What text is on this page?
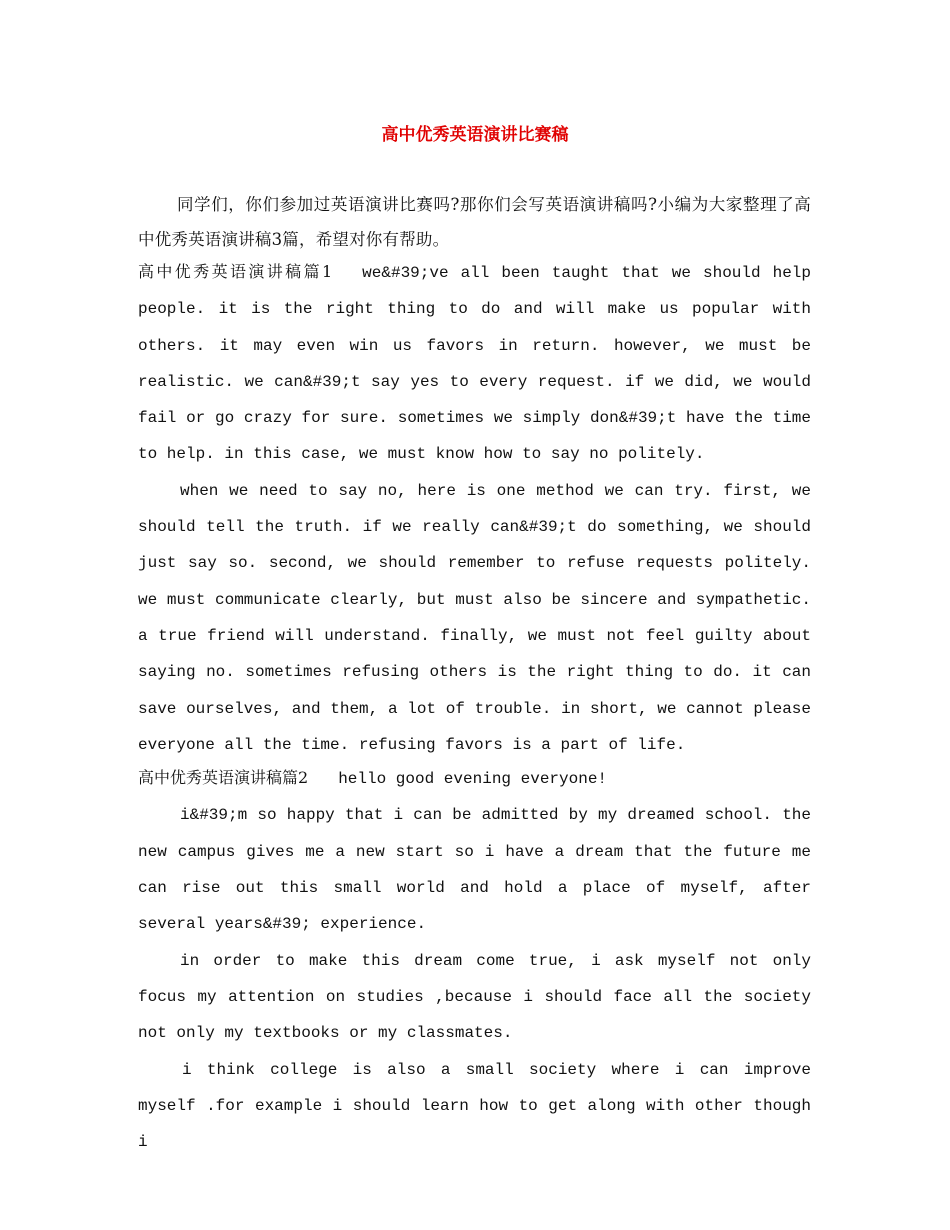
高中优秀英语演讲比赛稿
同学们，你们参加过英语演讲比赛吗?那你们会写英语演讲稿吗?小编为大家整理了高中优秀英语演讲稿3篇，希望对你有帮助。
高中优秀英语演讲稿篇1 we&#39;ve all been taught that we should help people. it is the right thing to do and will make us popular with others. it may even win us favors in return. however, we must be realistic. we can&#39;t say yes to every request. if we did, we would fail or go crazy for sure. sometimes we simply don&#39;t have the time to help. in this case, we must know how to say no politely.
when we need to say no, here is one method we can try. first, we should tell the truth. if we really can&#39;t do something, we should just say so. second, we should remember to refuse requests politely. we must communicate clearly, but must also be sincere and sympathetic. a true friend will understand. finally, we must not feel guilty about saying no. sometimes refusing others is the right thing to do. it can save ourselves, and them, a lot of trouble. in short, we cannot please everyone all the time. refusing favors is a part of life.
高中优秀英语演讲稿篇2 hello good evening everyone!
i&#39;m so happy that i can be admitted by my dreamed school. the new campus gives me a new start so i have a dream that the future me can rise out this small world and hold a place of myself, after several years&#39; experience.
in order to make this dream come true, i ask myself not only focus my attention on studies ,because i should face all the society not only my textbooks or my classmates.
i think college is also a small society where i can improve myself .for example i should learn how to get along with other though i
